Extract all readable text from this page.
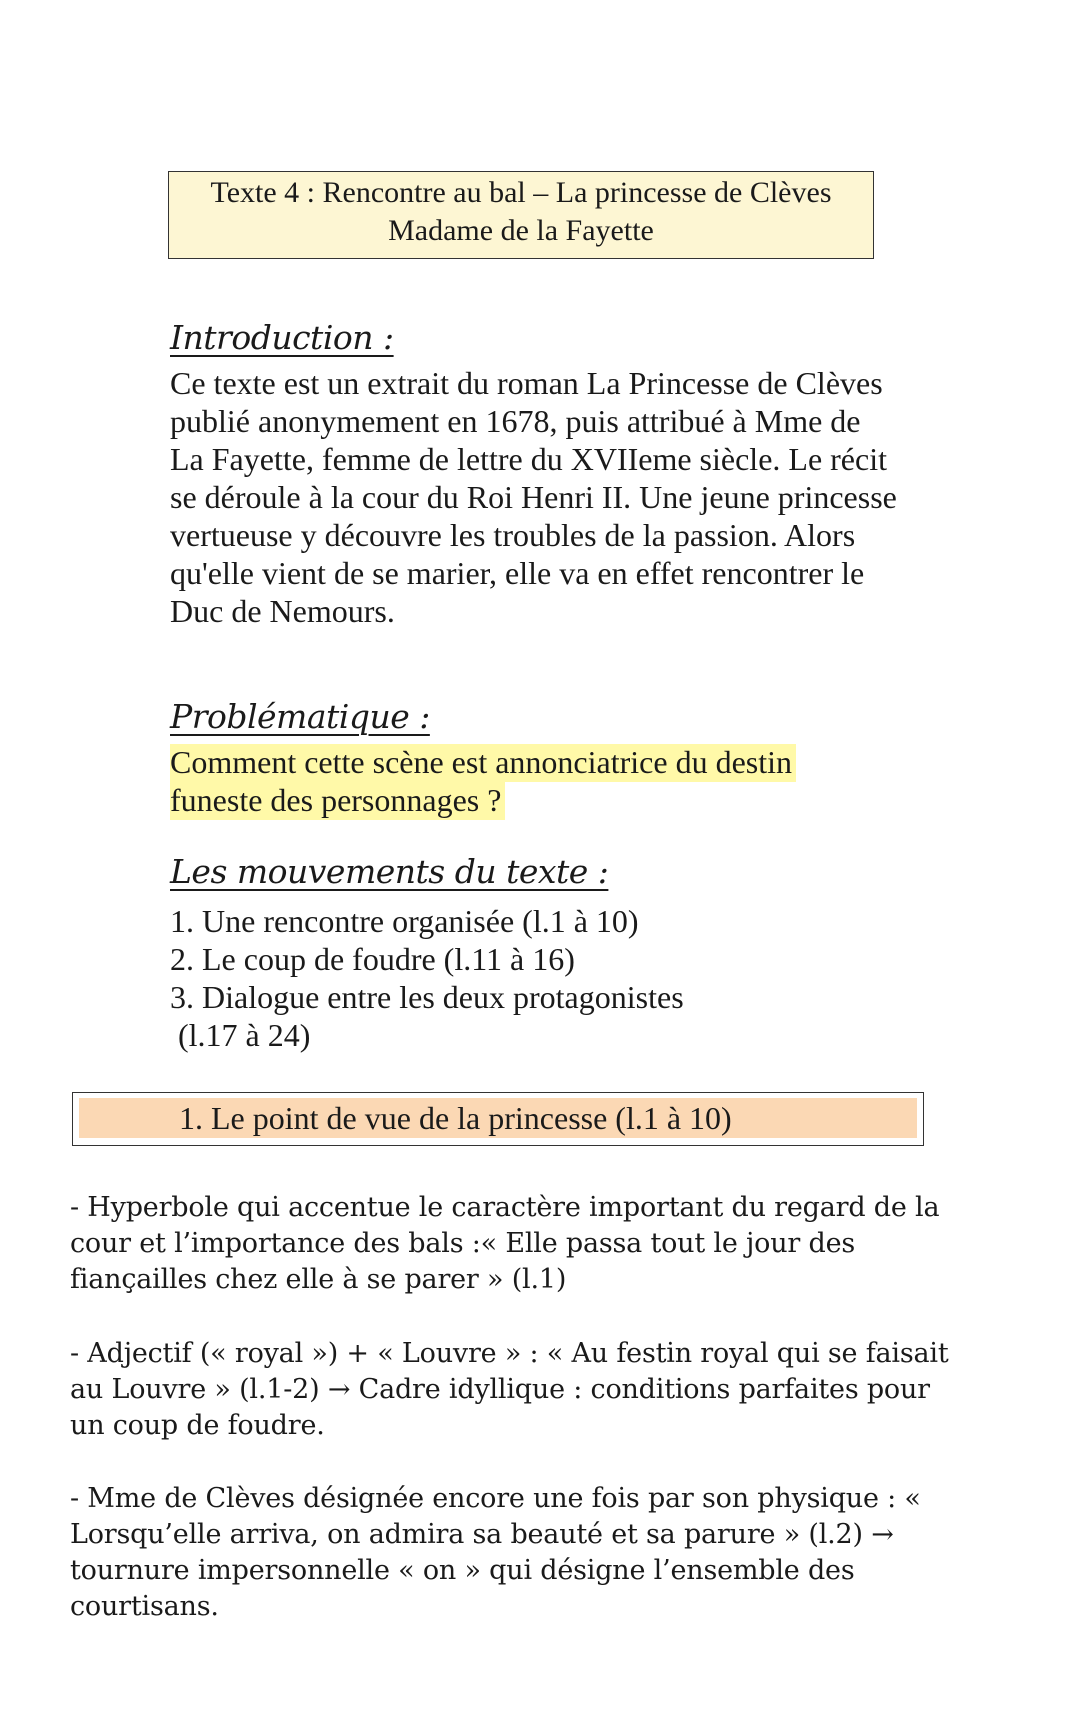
Texte 4 : Rencontre au bal – La princesse de Clèves
Madame de la Fayette
Introduction :
Ce texte est un extrait du roman La Princesse de Clèves publié anonymement en 1678, puis attribué à Mme de La Fayette, femme de lettre du XVIIeme siècle. Le récit se déroule à la cour du Roi Henri II. Une jeune princesse vertueuse y découvre les troubles de la passion. Alors qu'elle vient de se marier, elle va en effet rencontrer le Duc de Nemours.
Problématique :
Comment cette scène est annonciatrice du destin funeste des personnages ?
Les mouvements du texte :
1. Une rencontre organisée (l.1 à 10)
2. Le coup de foudre (l.11 à 16)
3. Dialogue entre les deux protagonistes
(l.17 à 24)
1. Le point de vue de la princesse (l.1 à 10)
- Hyperbole qui accentue le caractère important du regard de la cour et l’importance des bals :« Elle passa tout le jour des fiançailles chez elle à se parer » (l.1)
- Adjectif (« royal ») + « Louvre » : « Au festin royal qui se faisait au Louvre » (l.1-2) → Cadre idyllique : conditions parfaites pour un coup de foudre.
- Mme de Clèves désignée encore une fois par son physique : « Lorsqu’elle arriva, on admira sa beauté et sa parure » (l.2) → tournure impersonnelle « on » qui désigne l’ensemble des courtisans.
